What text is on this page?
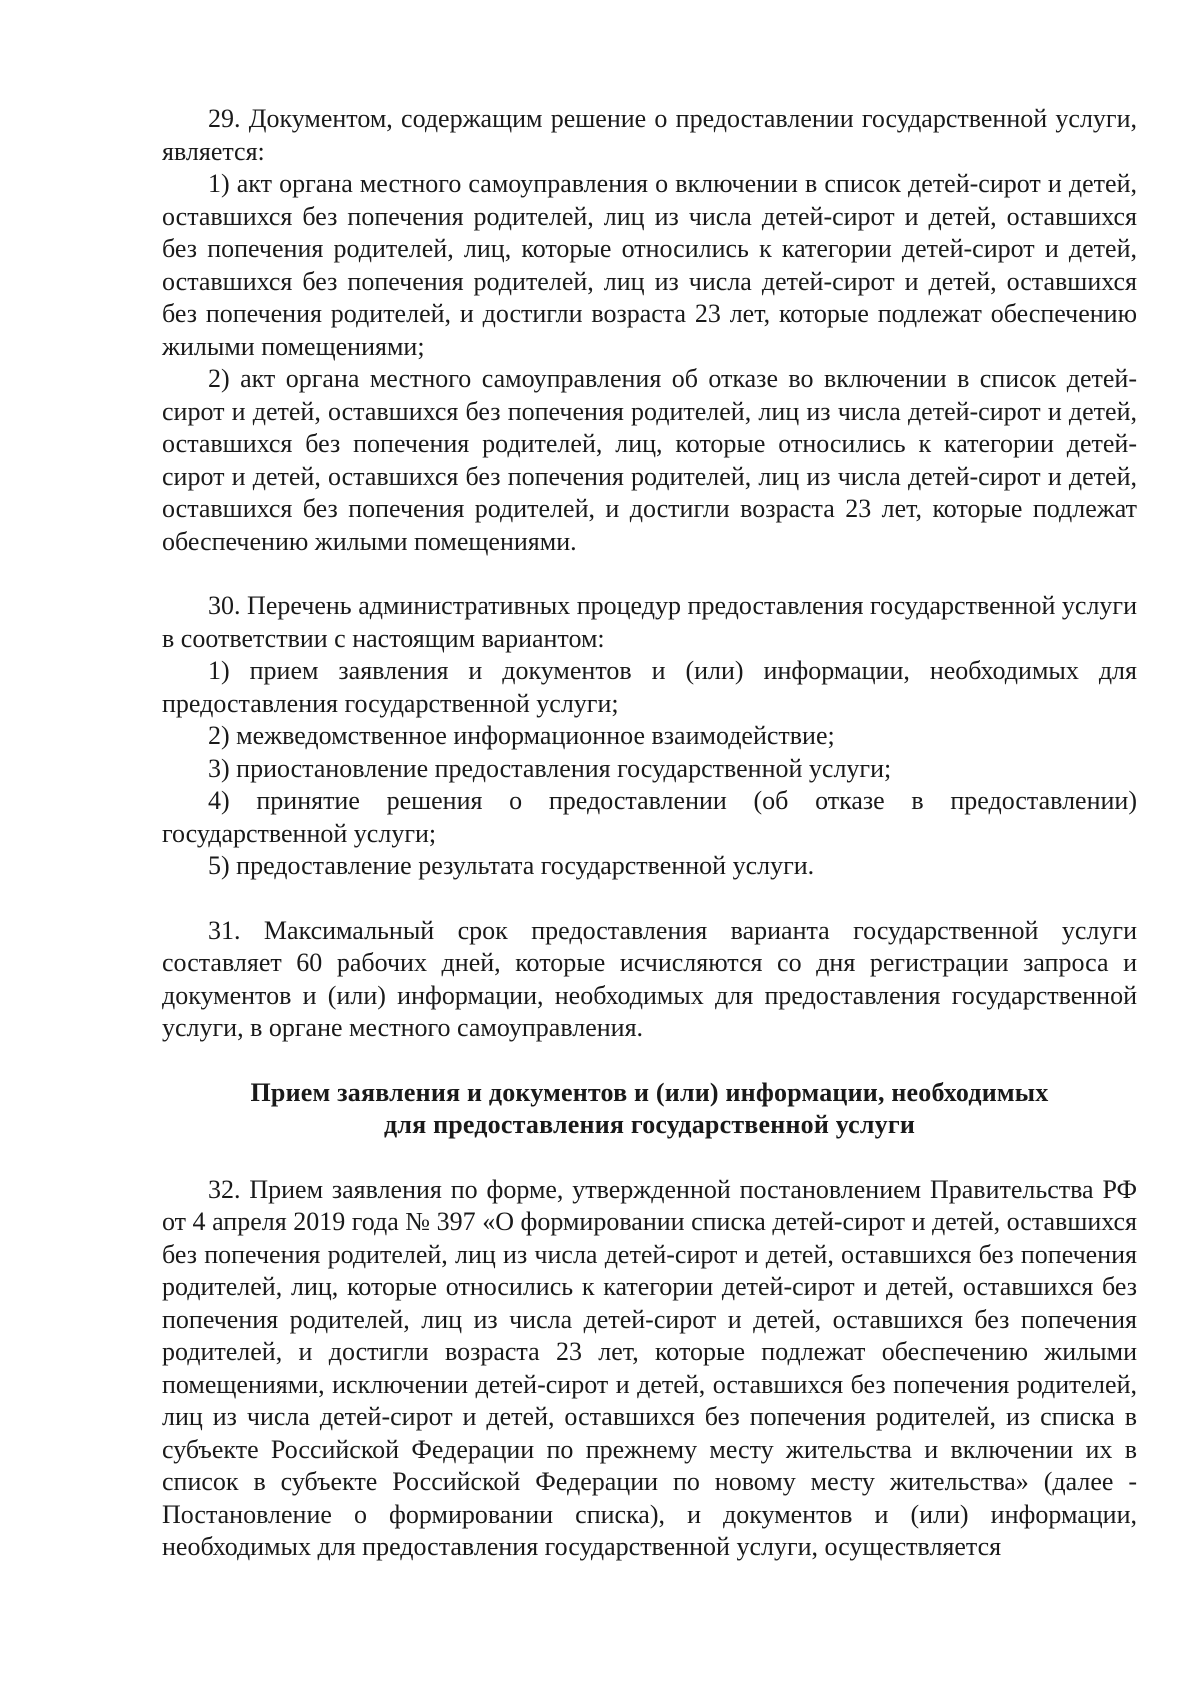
29. Документом, содержащим решение о предоставлении государственной услуги, является:

1) акт органа местного самоуправления о включении в список детей-сирот и детей, оставшихся без попечения родителей, лиц из числа детей-сирот и детей, оставшихся без попечения родителей, лиц, которые относились к категории детей-сирот и детей, оставшихся без попечения родителей, лиц из числа детей-сирот и детей, оставшихся без попечения родителей, и достигли возраста 23 лет, которые подлежат обеспечению жилыми помещениями;

2) акт органа местного самоуправления об отказе во включении в список детей-сирот и детей, оставшихся без попечения родителей, лиц из числа детей-сирот и детей, оставшихся без попечения родителей, лиц, которые относились к категории детей-сирот и детей, оставшихся без попечения родителей, лиц из числа детей-сирот и детей, оставшихся без попечения родителей, и достигли возраста 23 лет, которые подлежат обеспечению жилыми помещениями.

30. Перечень административных процедур предоставления государственной услуги в соответствии с настоящим вариантом:

1) прием заявления и документов и (или) информации, необходимых для предоставления государственной услуги;

2) межведомственное информационное взаимодействие;

3) приостановление предоставления государственной услуги;

4) принятие решения о предоставлении (об отказе в предоставлении) государственной услуги;

5) предоставление результата государственной услуги.

31. Максимальный срок предоставления варианта государственной услуги составляет 60 рабочих дней, которые исчисляются со дня регистрации запроса и документов и (или) информации, необходимых для предоставления государственной услуги, в органе местного самоуправления.

Прием заявления и документов и (или) информации, необходимых
для предоставления государственной услуги

32. Прием заявления по форме, утвержденной постановлением Правительства РФ от 4 апреля 2019 года № 397 «О формировании списка детей-сирот и детей, оставшихся без попечения родителей, лиц из числа детей-сирот и детей, оставшихся без попечения родителей, лиц, которые относились к категории детей-сирот и детей, оставшихся без попечения родителей, лиц из числа детей-сирот и детей, оставшихся без попечения родителей, и достигли возраста 23 лет, которые подлежат обеспечению жилыми помещениями, исключении детей-сирот и детей, оставшихся без попечения родителей, лиц из числа детей-сирот и детей, оставшихся без попечения родителей, из списка в субъекте Российской Федерации по прежнему месту жительства и включении их в список в субъекте Российской Федерации по новому месту жительства» (далее - Постановление о формировании списка), и документов и (или) информации, необходимых для предоставления государственной услуги, осуществляется
